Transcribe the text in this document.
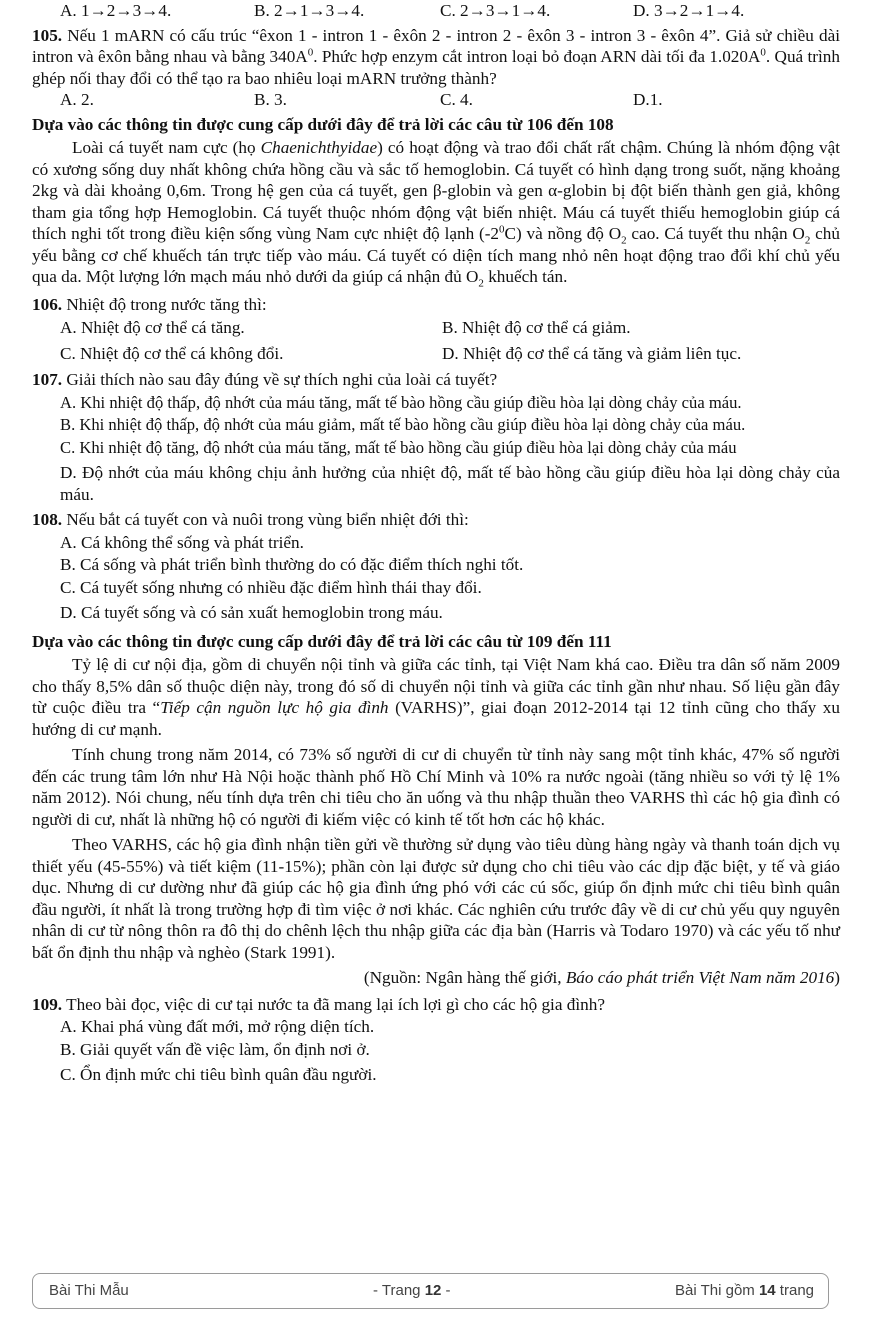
A. 1→2→3→4.	B. 2→1→3→4.	C. 2→3→1→4.	D. 3→2→1→4.
105. Nếu 1 mARN có cấu trúc “êxon 1 - intron 1 - êxôn 2 - intron 2 - êxôn 3 - intron 3 - êxôn 4”. Giả sử chiều dài intron và êxôn bằng nhau và bằng $340A^0$. Phức hợp enzym cắt intron loại bỏ đoạn ARN dài tối đa $1.020A^0$. Quá trình ghép nối thay đổi có thể tạo ra bao nhiêu loại mARN trưởng thành?
A. 2.	B. 3.	C. 4.	D.1.
Dựa vào các thông tin được cung cấp dưới đây để trả lời các câu từ 106 đến 108
Loài cá tuyết nam cực (họ Chaenichthyidae) có hoạt động và trao đổi chất rất chậm. Chúng là nhóm động vật có xương sống duy nhất không chứa hồng cầu và sắc tố hemoglobin. Cá tuyết có hình dạng trong suốt, nặng khoảng 2kg và dài khoảng 0,6m. Trong hệ gen của cá tuyết, gen β-globin và gen α-globin bị đột biến thành gen giả, không tham gia tổng hợp Hemoglobin. Cá tuyết thuộc nhóm động vật biến nhiệt. Máu cá tuyết thiếu hemoglobin giúp cá thích nghi tốt trong điều kiện sống vùng Nam cực nhiệt độ lạnh $(-2^0C)$ và nồng độ $O_2$ cao. Cá tuyết thu nhận $O_2$ chủ yếu bằng cơ chế khuếch tán trực tiếp vào máu. Cá tuyết có diện tích mang nhỏ nên hoạt động trao đổi khí chủ yếu qua da. Một lượng lớn mạch máu nhỏ dưới da giúp cá nhận đủ $O_2$ khuếch tán.
106. Nhiệt độ trong nước tăng thì:
A. Nhiệt độ cơ thể cá tăng.	B. Nhiệt độ cơ thể cá giảm.
C. Nhiệt độ cơ thể cá không đổi.	D. Nhiệt độ cơ thể cá tăng và giảm liên tục.
107. Giải thích nào sau đây đúng về sự thích nghi của loài cá tuyết?
A. Khi nhiệt độ thấp, độ nhớt của máu tăng, mất tế bào hồng cầu giúp điều hòa lại dòng chảy của máu.
B. Khi nhiệt độ thấp, độ nhớt của máu giảm, mất tế bào hồng cầu giúp điều hòa lại dòng chảy của máu.
C. Khi nhiệt độ tăng, độ nhớt của máu tăng, mất tế bào hồng cầu giúp điều hòa lại dòng chảy của máu
D. Độ nhớt của máu không chịu ảnh hưởng của nhiệt độ, mất tế bào hồng cầu giúp điều hòa lại dòng chảy của máu.
108. Nếu bắt cá tuyết con và nuôi trong vùng biển nhiệt đới thì:
A. Cá không thể sống và phát triển.
B. Cá sống và phát triển bình thường do có đặc điểm thích nghi tốt.
C. Cá tuyết sống nhưng có nhiều đặc điểm hình thái thay đổi.
D. Cá tuyết sống và có sản xuất hemoglobin trong máu.
Dựa vào các thông tin được cung cấp dưới đây để trả lời các câu từ 109 đến 111
Tỷ lệ di cư nội địa, gồm di chuyển nội tỉnh và giữa các tỉnh, tại Việt Nam khá cao. Điều tra dân số năm 2009 cho thấy 8,5% dân số thuộc diện này, trong đó số di chuyển nội tỉnh và giữa các tỉnh gần như nhau. Số liệu gần đây từ cuộc điều tra “Tiếp cận nguồn lực hộ gia đình (VARHS)”, giai đoạn 2012-2014 tại 12 tỉnh cũng cho thấy xu hướng di cư mạnh.
Tính chung trong năm 2014, có 73% số người di cư di chuyển từ tỉnh này sang một tỉnh khác, 47% số người đến các trung tâm lớn như Hà Nội hoặc thành phố Hồ Chí Minh và 10% ra nước ngoài (tăng nhiều so với tỷ lệ 1% năm 2012). Nói chung, nếu tính dựa trên chi tiêu cho ăn uống và thu nhập thuần theo VARHS thì các hộ gia đình có người di cư, nhất là những hộ có người đi kiếm việc có kinh tế tốt hơn các hộ khác.
Theo VARHS, các hộ gia đình nhận tiền gửi về thường sử dụng vào tiêu dùng hàng ngày và thanh toán dịch vụ thiết yếu (45-55%) và tiết kiệm (11-15%); phần còn lại được sử dụng cho chi tiêu vào các dịp đặc biệt, y tế và giáo dục. Nhưng di cư dường như đã giúp các hộ gia đình ứng phó với các cú sốc, giúp ổn định mức chi tiêu bình quân đầu người, ít nhất là trong trường hợp đi tìm việc ở nơi khác. Các nghiên cứu trước đây về di cư chủ yếu quy nguyên nhân di cư từ nông thôn ra đô thị do chênh lệch thu nhập giữa các địa bàn (Harris và Todaro 1970) và các yếu tố như bất ổn định thu nhập và nghèo (Stark 1991).
(Nguồn: Ngân hàng thế giới, Báo cáo phát triển Việt Nam năm 2016)
109. Theo bài đọc, việc di cư tại nước ta đã mang lại ích lợi gì cho các hộ gia đình?
A. Khai phá vùng đất mới, mở rộng diện tích.
B. Giải quyết vấn đề việc làm, ổn định nơi ở.
C. Ổn định mức chi tiêu bình quân đầu người.
Bài Thi Mẫu	- Trang 12 -	Bài Thi gồm 14 trang
